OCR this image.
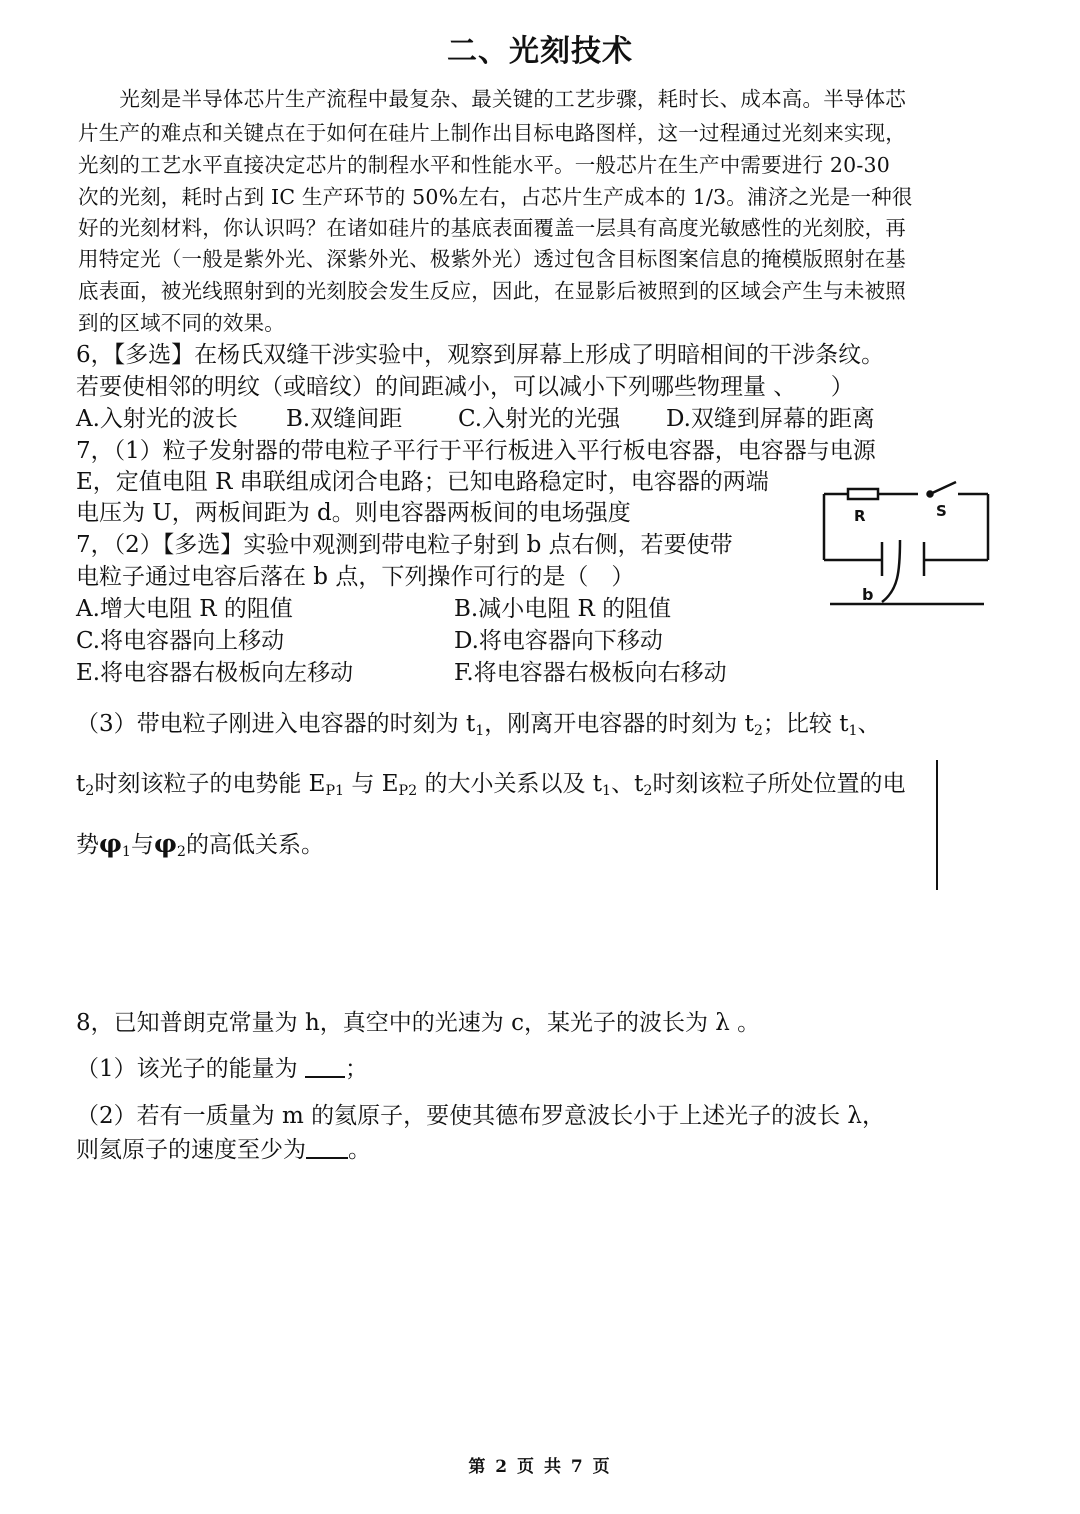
二、光刻技术
　　光刻是半导体芯片生产流程中最复杂、最关键的工艺步骤，耗时长、成本高。半导体芯
片生产的难点和关键点在于如何在硅片上制作出目标电路图样，这一过程通过光刻来实现，
光刻的工艺水平直接决定芯片的制程水平和性能水平。一般芯片在生产中需要进行 20-30
次的光刻，耗时占到 IC 生产环节的 50%左右，占芯片生产成本的 1/3。浦济之光是一种很
好的光刻材料，你认识吗？在诸如硅片的基底表面覆盖一层具有高度光敏感性的光刻胶，再
用特定光（一般是紫外光、深紫外光、极紫外光）透过包含目标图案信息的掩模版照射在基
底表面，被光线照射到的光刻胶会发生反应，因此，在显影后被照到的区域会产生与未被照
到的区域不同的效果。
6，【多选】在杨氏双缝干涉实验中，观察到屏幕上形成了明暗相间的干涉条纹。
若要使相邻的明纹（或暗纹）的间距减小，可以减小下列哪些物理量 、　　）
A.入射光的波长 B.双缝间距 C.入射光的光强 D.双缝到屏幕的距离
7，（1）粒子发射器的带电粒子平行于平行板进入平行板电容器，电容器与电源
E，定值电阻 R 串联组成闭合电路；已知电路稳定时，电容器的两端
电压为 U，两板间距为 d。则电容器两板间的电场强度
7，（2）【多选】实验中观测到带电粒子射到 b 点右侧，若要使带
电粒子通过电容后落在 b 点，下列操作可行的是（　）
A.增大电阻 R 的阻值	B.减小电阻 R 的阻值
C.将电容器向上移动	D.将电容器向下移动
E.将电容器右极板向左移动	F.将电容器右极板向右移动
（3）带电粒子刚进入电容器的时刻为 t1，刚离开电容器的时刻为 t2；比较 t1、
t2时刻该粒子的电势能 EP1 与 EP2 的大小关系以及 t1、t2时刻该粒子所处位置的电
势φ1与φ2的高低关系。
R	S
b
8，已知普朗克常量为 h，真空中的光速为 c，某光子的波长为 λ 。
（1）该光子的能量为 ；
（2）若有一质量为 m 的氦原子，要使其德布罗意波长小于上述光子的波长 λ，
则氦原子的速度至少为 。
第 2 页 共 7 页
